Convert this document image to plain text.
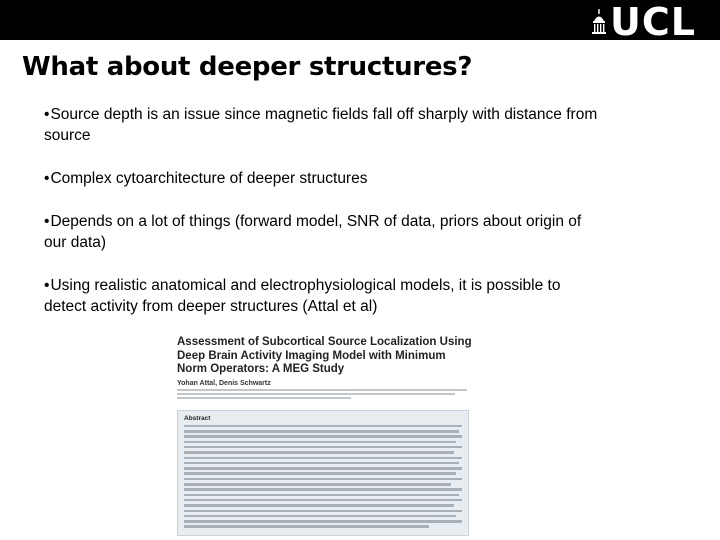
UCL
What about deeper structures?
•Source depth is an issue since magnetic fields fall off sharply with distance from source
•Complex cytoarchitecture of deeper structures
•Depends on a lot of things (forward model, SNR of data, priors about origin of our data)
•Using realistic anatomical and electrophysiological models, it is possible to detect activity from deeper structures (Attal et al)
Assessment of Subcortical Source Localization Using Deep Brain Activity Imaging Model with Minimum Norm Operators: A MEG Study
Yohan Attal, Denis Schwartz
Abstract
